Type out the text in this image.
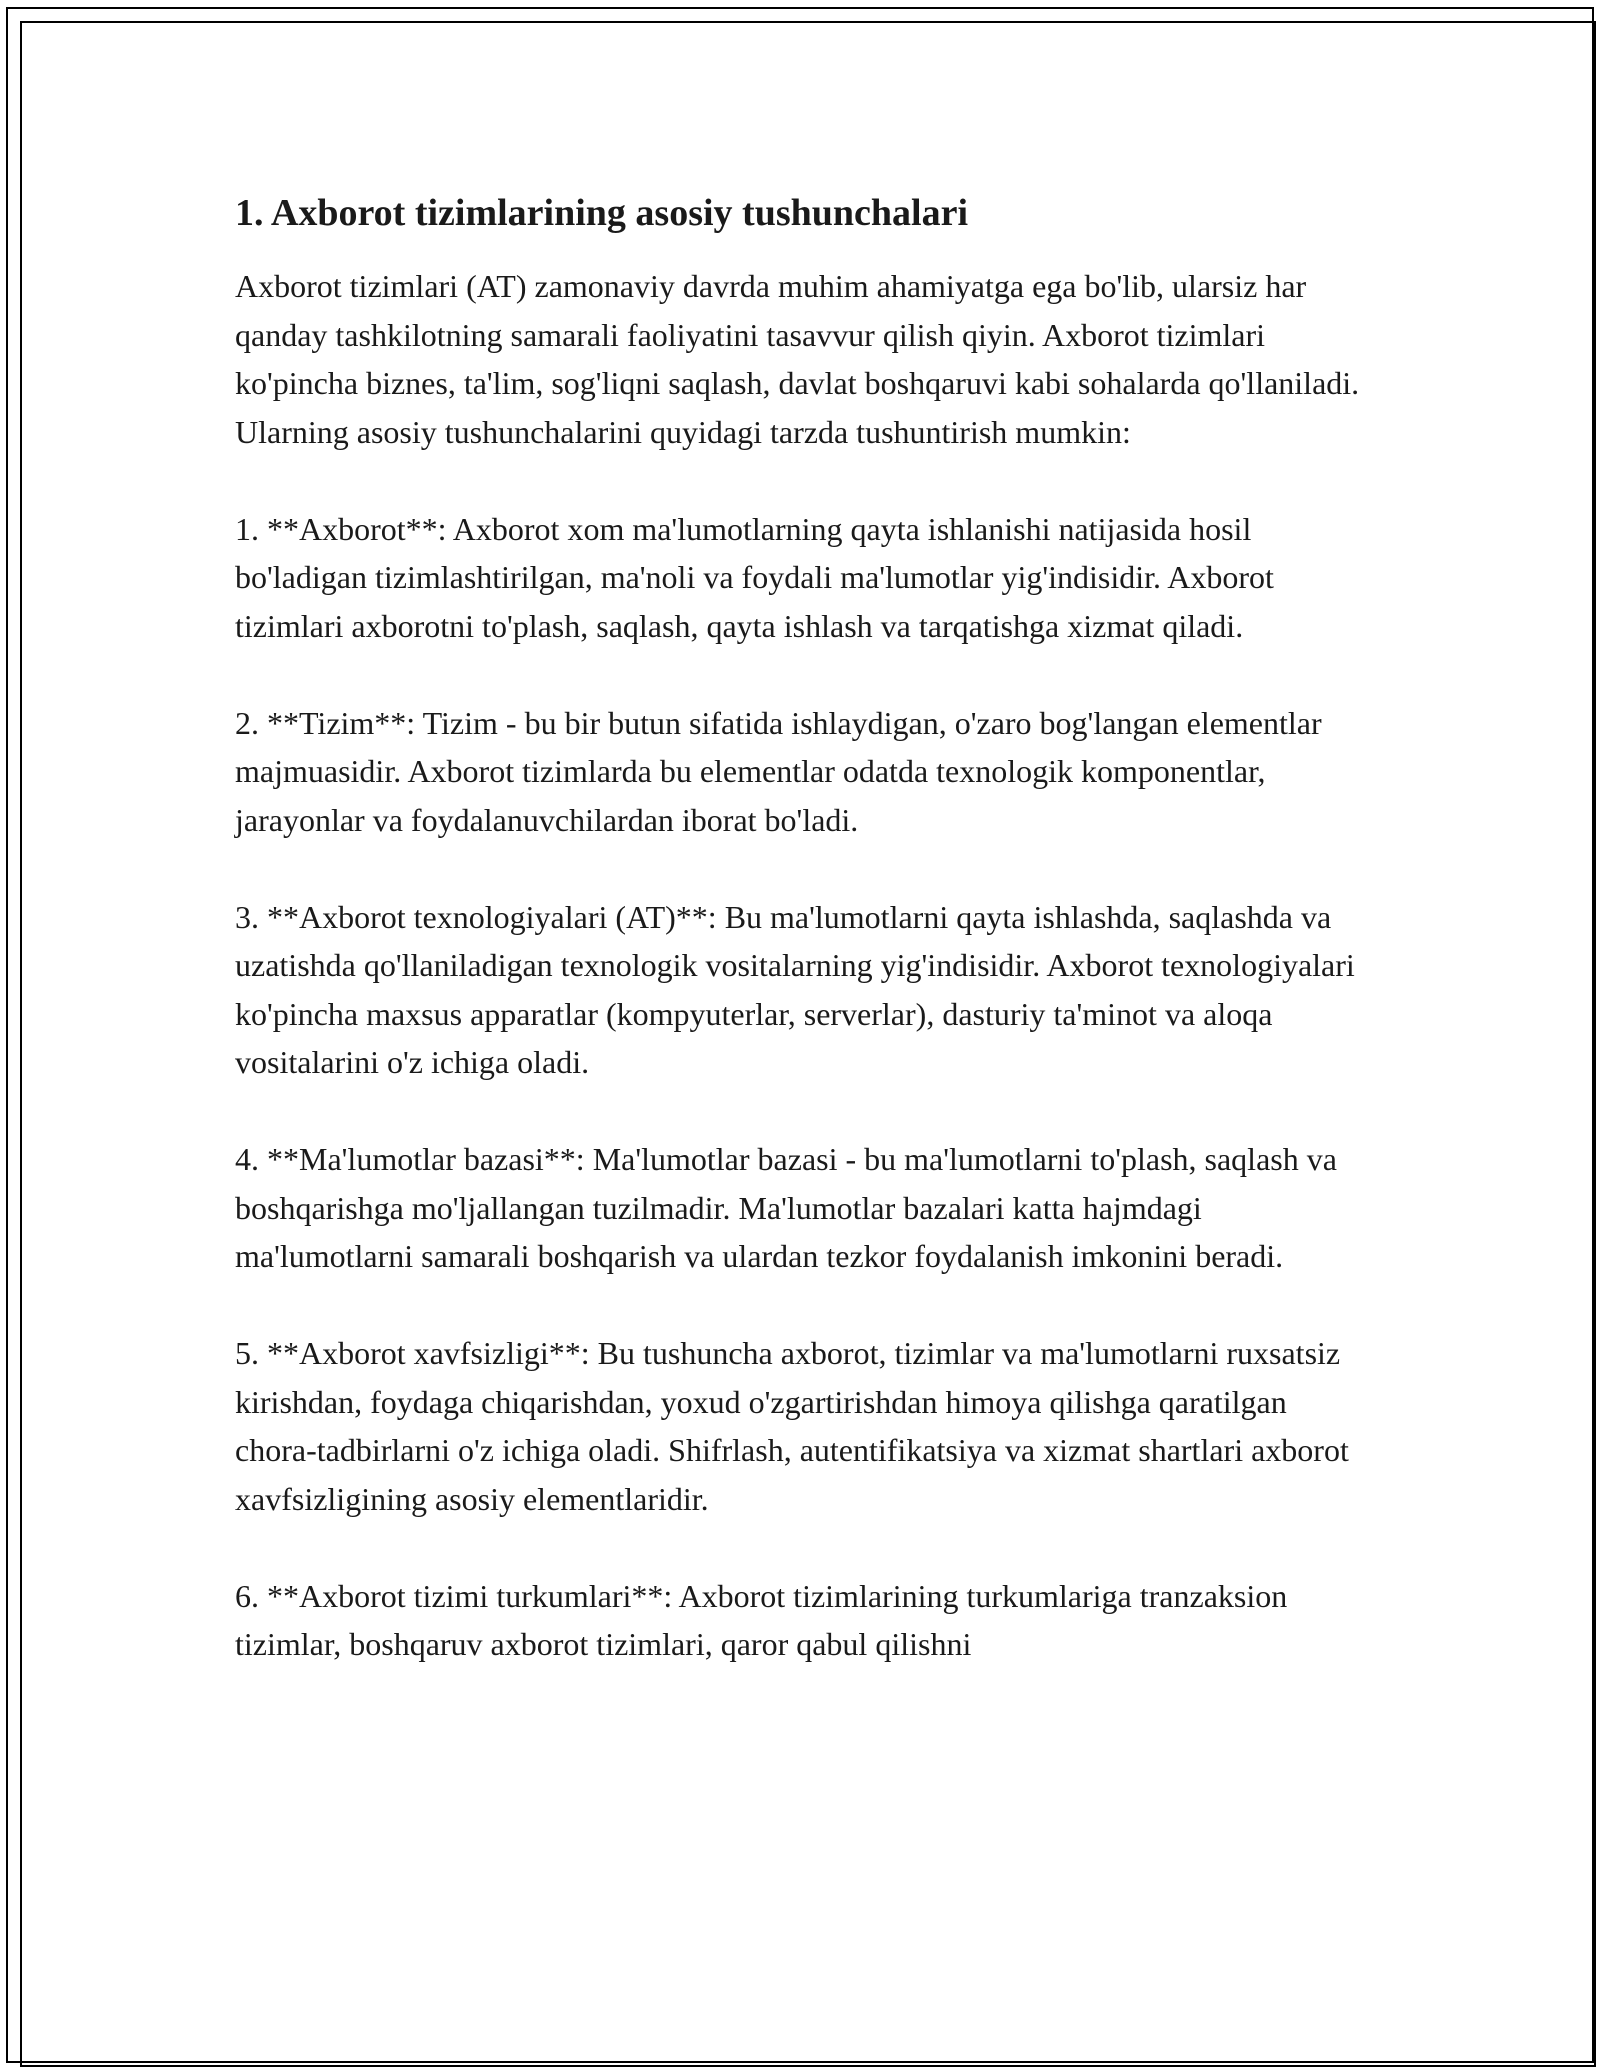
1. Axborot tizimlarining asosiy tushunchalari

Axborot tizimlari (AT) zamonaviy davrda muhim ahamiyatga ega bo'lib, ularsiz har qanday tashkilotning samarali faoliyatini tasavvur qilish qiyin. Axborot tizimlari ko'pincha biznes, ta'lim, sog'liqni saqlash, davlat boshqaruvi kabi sohalarda qo'llaniladi. Ularning asosiy tushunchalarini quyidagi tarzda tushuntirish mumkin:

1. **Axborot**: Axborot xom ma'lumotlarning qayta ishlanishi natijasida hosil bo'ladigan tizimlashtirilgan, ma'noli va foydali ma'lumotlar yig'indisidir. Axborot tizimlari axborotni to'plash, saqlash, qayta ishlash va tarqatishga xizmat qiladi.

2. **Tizim**: Tizim - bu bir butun sifatida ishlaydigan, o'zaro bog'langan elementlar majmuasidir. Axborot tizimlarda bu elementlar odatda texnologik komponentlar, jarayonlar va foydalanuvchilardan iborat bo'ladi.

3. **Axborot texnologiyalari (AT)**: Bu ma'lumotlarni qayta ishlashda, saqlashda va uzatishda qo'llaniladigan texnologik vositalarning yig'indisidir. Axborot texnologiyalari ko'pincha maxsus apparatlar (kompyuterlar, serverlar), dasturiy ta'minot va aloqa vositalarini o'z ichiga oladi.

4. **Ma'lumotlar bazasi**: Ma'lumotlar bazasi - bu ma'lumotlarni to'plash, saqlash va boshqarishga mo'ljallangan tuzilmadir. Ma'lumotlar bazalari katta hajmdagi ma'lumotlarni samarali boshqarish va ulardan tezkor foydalanish imkonini beradi.

5. **Axborot xavfsizligi**: Bu tushuncha axborot, tizimlar va ma'lumotlarni ruxsatsiz kirishdan, foydaga chiqarishdan, yoxud o'zgartirishdan himoya qilishga qaratilgan chora-tadbirlarni o'z ichiga oladi. Shifrlash, autentifikatsiya va xizmat shartlari axborot xavfsizligining asosiy elementlaridir.

6. **Axborot tizimi turkumlari**: Axborot tizimlarining turkumlariga tranzaksion tizimlar, boshqaruv axborot tizimlari, qaror qabul qilishni
